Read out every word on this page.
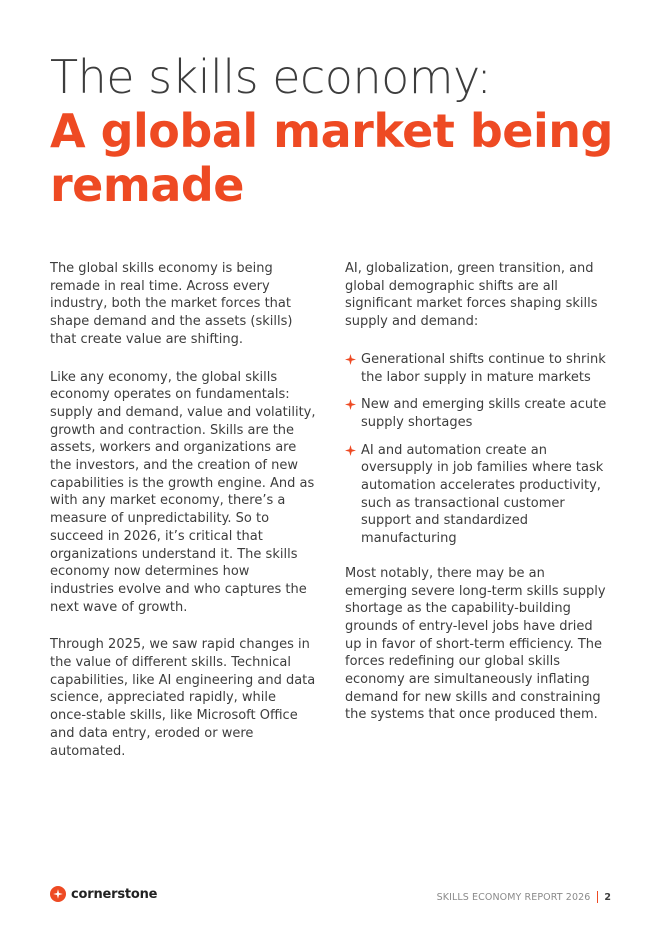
The skills economy:
A global market being remade

The global skills economy is being remade in real time. Across every industry, both the market forces that shape demand and the assets (skills) that create value are shifting.

Like any economy, the global skills economy operates on fundamentals: supply and demand, value and volatility, growth and contraction. Skills are the assets, workers and organizations are the investors, and the creation of new capabilities is the growth engine. And as with any market economy, there’s a measure of unpredictability. So to succeed in 2026, it’s critical that organizations understand it. The skills economy now determines how industries evolve and who captures the next wave of growth.

Through 2025, we saw rapid changes in the value of different skills. Technical capabilities, like AI engineering and data science, appreciated rapidly, while once-stable skills, like Microsoft Office and data entry, eroded or were automated.

AI, globalization, green transition, and global demographic shifts are all significant market forces shaping skills supply and demand:

Generational shifts continue to shrink the labor supply in mature markets
New and emerging skills create acute supply shortages
AI and automation create an oversupply in job families where task automation accelerates productivity, such as transactional customer support and standardized manufacturing

Most notably, there may be an emerging severe long-term skills supply shortage as the capability-building grounds of entry-level jobs have dried up in favor of short-term efficiency. The forces redefining our global skills economy are simultaneously inflating demand for new skills and constraining the systems that once produced them.

cornerstone	SKILLS ECONOMY REPORT 2026 2
